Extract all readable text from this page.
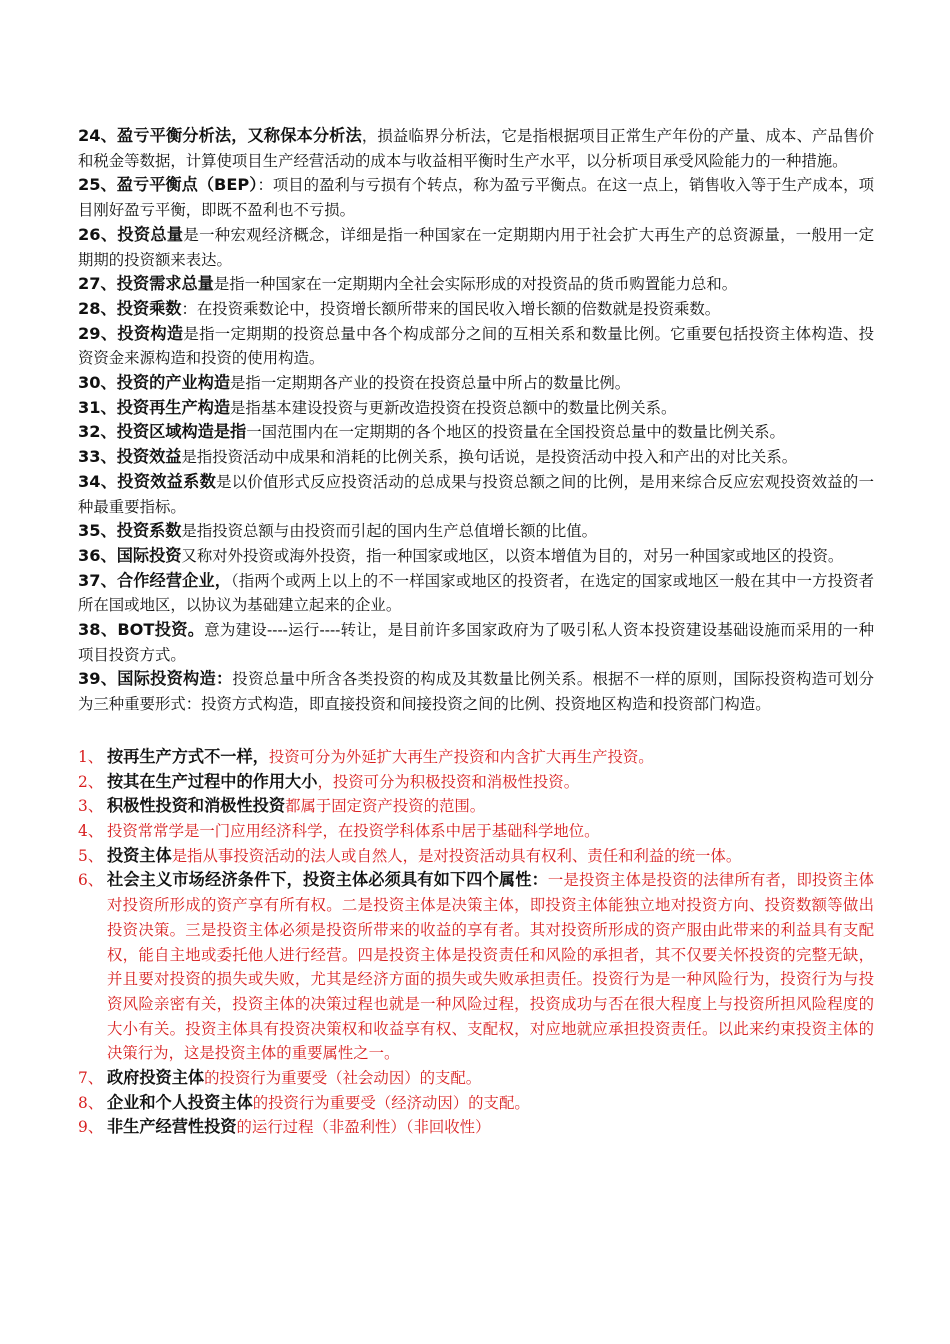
24、盈亏平衡分析法，又称保本分析法，损益临界分析法，它是指根据项目正常生产年份的产量、成本、产品售价和税金等数据，计算使项目生产经营活动的成本与收益相平衡时生产水平，以分析项目承受风险能力的一种措施。

25、盈亏平衡点（BEP）：项目的盈利与亏损有个转点，称为盈亏平衡点。在这一点上，销售收入等于生产成本，项目刚好盈亏平衡，即既不盈利也不亏损。

26、投资总量是一种宏观经济概念，详细是指一种国家在一定期期内用于社会扩大再生产的总资源量，一般用一定期期的投资额来表达。

27、投资需求总量是指一种国家在一定期期内全社会实际形成的对投资品的货币购置能力总和。

28、投资乘数：在投资乘数论中，投资增长额所带来的国民收入增长额的倍数就是投资乘数。

29、投资构造是指一定期期的投资总量中各个构成部分之间的互相关系和数量比例。它重要包括投资主体构造、投资资金来源构造和投资的使用构造。

30、投资的产业构造是指一定期期各产业的投资在投资总量中所占的数量比例。

31、投资再生产构造是指基本建设投资与更新改造投资在投资总额中的数量比例关系。

32、投资区域构造是指一国范围内在一定期期的各个地区的投资量在全国投资总量中的数量比例关系。

33、投资效益是指投资活动中成果和消耗的比例关系，换句话说，是投资活动中投入和产出的对比关系。

34、投资效益系数是以价值形式反应投资活动的总成果与投资总额之间的比例，是用来综合反应宏观投资效益的一种最重要指标。

35、投资系数是指投资总额与由投资而引起的国内生产总值增长额的比值。

36、国际投资又称对外投资或海外投资，指一种国家或地区，以资本增值为目的，对另一种国家或地区的投资。

37、合作经营企业，（指两个或两上以上的不一样国家或地区的投资者，在选定的国家或地区一般在其中一方投资者所在国或地区，以协议为基础建立起来的企业。

38、BOT投资。意为建设----运行----转让，是目前许多国家政府为了吸引私人资本投资建设基础设施而采用的一种项目投资方式。

39、国际投资构造：投资总量中所含各类投资的构成及其数量比例关系。根据不一样的原则，国际投资构造可划分为三种重要形式：投资方式构造，即直接投资和间接投资之间的比例、投资地区构造和投资部门构造。

1、 按再生产方式不一样，投资可分为外延扩大再生产投资和内含扩大再生产投资。

2、 按其在生产过程中的作用大小，投资可分为积极投资和消极性投资。

3、 积极性投资和消极性投资都属于固定资产投资的范围。

4、 投资常常学是一门应用经济科学，在投资学科体系中居于基础科学地位。

5、 投资主体是指从事投资活动的法人或自然人，是对投资活动具有权利、责任和利益的统一体。

6、 社会主义市场经济条件下，投资主体必须具有如下四个属性：一是投资主体是投资的法律所有者，即投资主体对投资所形成的资产享有所有权。二是投资主体是决策主体，即投资主体能独立地对投资方向、投资数额等做出投资决策。三是投资主体必须是投资所带来的收益的享有者。其对投资所形成的资产服由此带来的利益具有支配权，能自主地或委托他人进行经营。四是投资主体是投资责任和风险的承担者，其不仅要关怀投资的完整无缺，并且要对投资的损失或失败，尤其是经济方面的损失或失败承担责任。投资行为是一种风险行为，投资行为与投资风险亲密有关，投资主体的决策过程也就是一种风险过程，投资成功与否在很大程度上与投资所担风险程度的大小有关。投资主体具有投资决策权和收益享有权、支配权，对应地就应承担投资责任。以此来约束投资主体的决策行为，这是投资主体的重要属性之一。

7、 政府投资主体的投资行为重要受（社会动因）的支配。

8、 企业和个人投资主体的投资行为重要受（经济动因）的支配。

9、 非生产经营性投资的运行过程（非盈利性）（非回收性）
